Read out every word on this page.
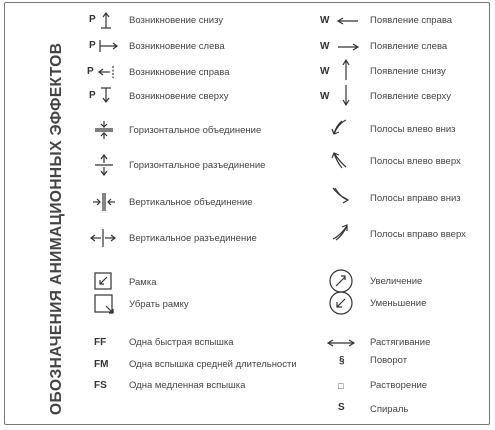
ОБОЗНАЧЕНИЯ АНИМАЦИОННЫХ ЭФФЕКТОВ
P	Возникновение снизу
P	Возникновение слева
P	Возникновение справа
P	Возникновение сверху
Горизонтальное объединение
Горизонтальное разъединение
Вертикальное объединение
Вертикальное разъединение
Рамка
Убрать рамку
FF Одна быстрая вспышка
FM Одна вспышка средней длительности
FS Одна медленная вспышка
W	Появление справа
W	Появление слева
W	Появление снизу
W	Появление сверху
Полосы влево вниз
Полосы влево вверх
Полосы вправо вниз
Полосы вправо вверх
Увеличение
Уменьшение
Растягивание
§	Поворот
□	Растворение
S	Спираль
